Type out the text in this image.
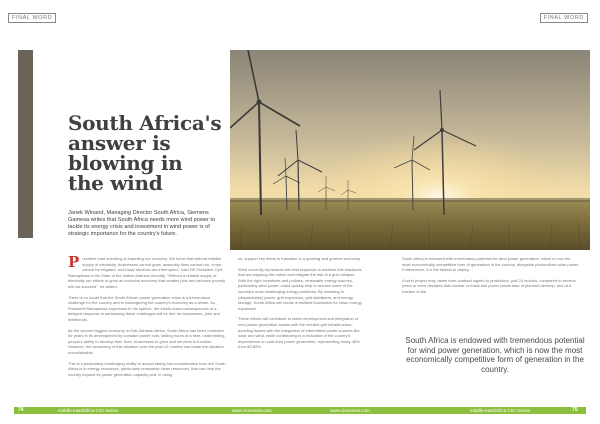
FINAL WORD	FINAL WORD
South Africa's
answer is
blowing in
the wind
Janek Winand, Managing Director South Africa, Siemens Gamesa writes that South Africa needs more wind power to tackle its energy crisis and investment in wind power is of strategic importance for the country's future.

President load shedding is impeding our recovery. We know that without reliable supply of electricity, businesses cannot grow, assembly lines cannot run, crops cannot be irrigated, and basic services are interrupted," said HE President Cyril Ramaphosa in his State of the Nation Address recently. "Without a reliable supply of electricity our efforts to grow an inclusive economy that creates jobs and reduces poverty will not succeed", he added.

There is no doubt that the South African power generation crisis is a tremendous challenge for the country and is endangering the country's economy as a whole. As President Ramaphosa expressed in his speech, the trickle-down consequences of a delayed response in addressing these challenges will be dire for businesses, jobs and livelihoods.

As the second biggest economy in Sub-Saharan Africa, South Africa has been restricted for years in its development by constant power cuts, lasting hours at a time, undermining people's ability to develop their lives, businesses to grow and services to function. However, the worsening of this situation over the past 12 months has made the situation unsustainable.

This is a particularly challenging reality to accept taking into consideration how rich South Africa is in energy resources, particularly renewable clean resources, that can help the country expand its power generation capacity and, in doing

so, support key fields to transition to a growing and greener economy.

Wind currently represents the best response to address this blackouts that are crippling the nation and mitigate the risk of a grid collapse. With the right incentives and policies, renewable energy sources, particularly wind power, could quickly help to resolve some of the country's most challenging energy problems. By investing in (dispatchable) power, grid expansion, grid stabilizers, and energy storage, South Africa will create a resilient foundation for clean energy expansion.

These efforts will contribute to faster development and integration of new power generation assets with the needed grid infrastructure, avoiding issues with the integration of intermittent power sources like solar and wind, while contributing to a reduction of the country's dependence on coal-fired power generation, representing today 48% from 80-85%.

South Africa is endowed with tremendous potential for wind power generation, which is now the most economically competitive form of generation in the country, alongside photovoltaic solar power. Furthermore, it is the fastest to deploy.

A wind project may, taken from contract signed to production, just 24 months, compared to several years or even decades that nuclear or fossil-fuel power plants take of planned develop, and at a fraction of the

South Africa is endowed with tremendous potential for wind power generation, which is now the most economically competitive form of generation in the country.
74	middle-east/africa CIO review	www.cioreview.com	www.cioreview.com	middle-east/africa CIO review	75
